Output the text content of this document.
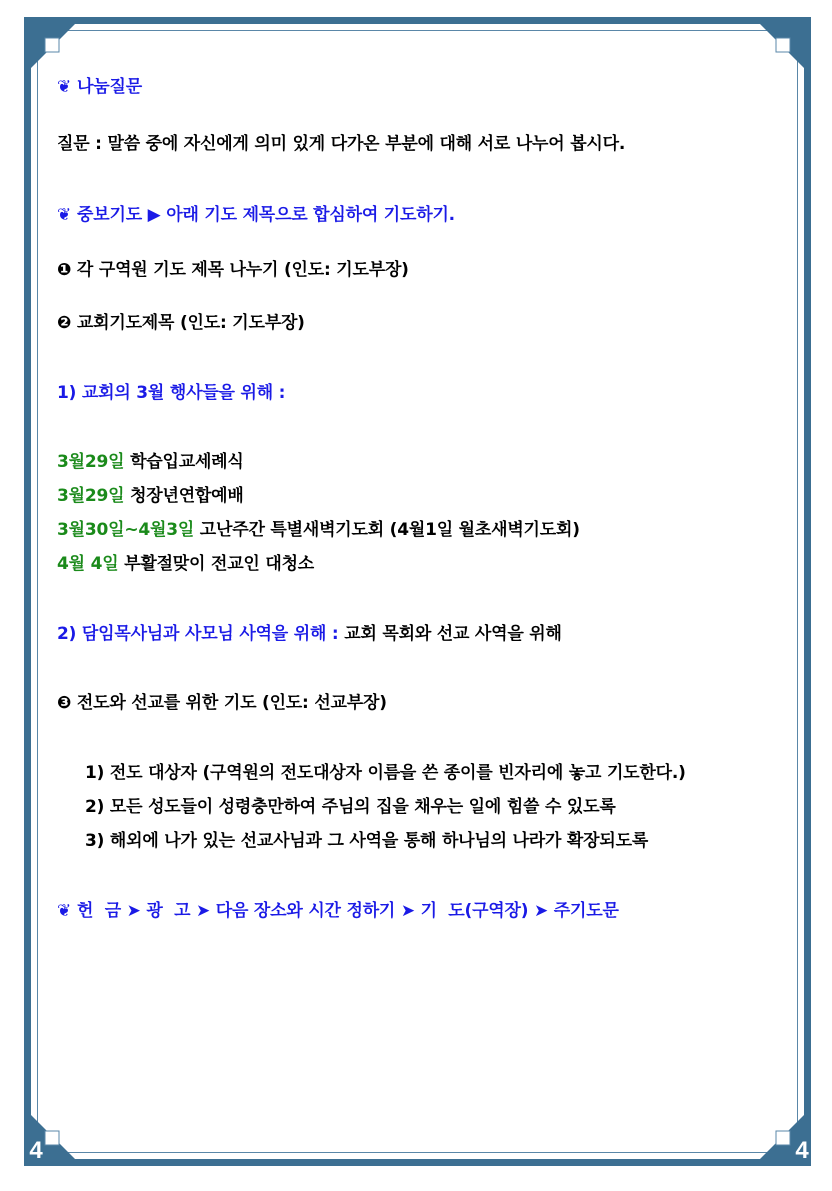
4	4
❦ 나눔질문
질문 : 말씀 중에 자신에게 의미 있게 다가온 부분에 대해 서로 나누어 봅시다.
❦ 중보기도 ▶ 아래 기도 제목으로 합심하여 기도하기.
❶ 각 구역원 기도 제목 나누기 (인도: 기도부장)
❷ 교회기도제목 (인도: 기도부장)
1) 교회의 3월 행사들을 위해 :
3월29일 학습입교세례식
3월29일 청장년연합예배
3월30일~4월3일 고난주간 특별새벽기도회 (4월1일 월초새벽기도회)
4월 4일 부활절맞이 전교인 대청소
2) 담임목사님과 사모님 사역을 위해 : 교회 목회와 선교 사역을 위해
❸ 전도와 선교를 위한 기도 (인도: 선교부장)
1) 전도 대상자 (구역원의 전도대상자 이름을 쓴 종이를 빈자리에 놓고 기도한다.)
2) 모든 성도들이 성령충만하여 주님의 집을 채우는 일에 힘쓸 수 있도록
3) 해외에 나가 있는 선교사님과 그 사역을 통해 하나님의 나라가 확장되도록
❦ 헌  금 ➤ 광  고 ➤ 다음 장소와 시간 정하기 ➤ 기  도(구역장) ➤ 주기도문
